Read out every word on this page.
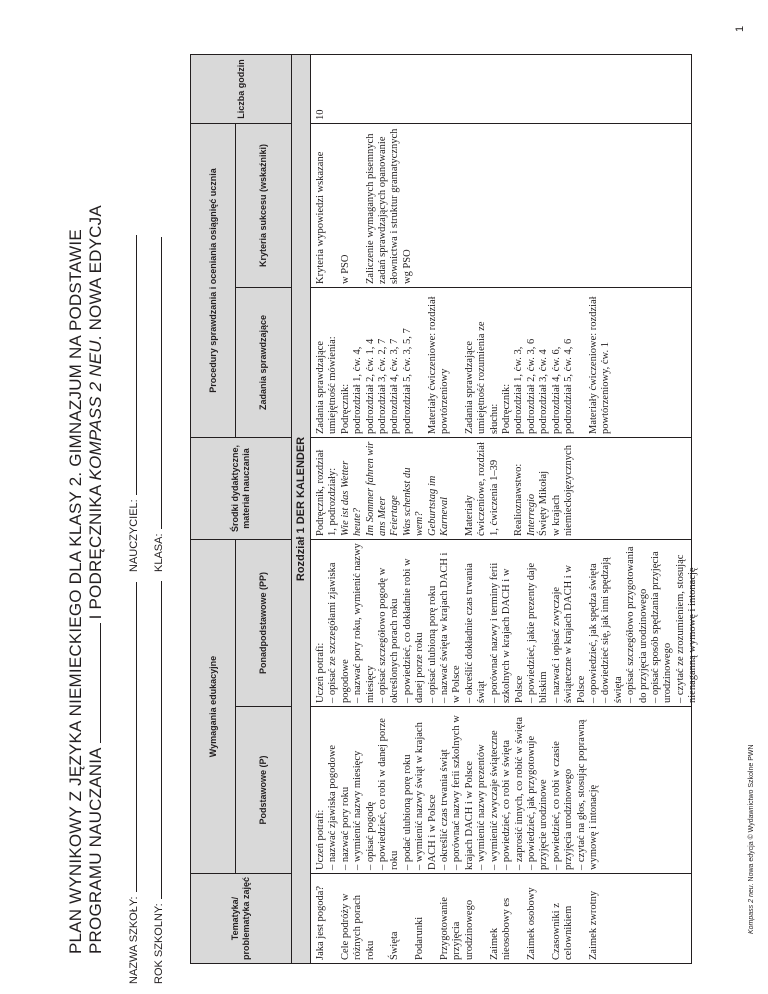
1
PLAN WYNIKOWY Z JĘZYKA NIEMIECKIEGO DLA KLASY 2. GIMNAZJUM NA PODSTAWIE PROGRAMU NAUCZANIAI PODRĘCZNIKA KOMPASS 2 NEU. NOWA EDYCJA
NAZWA SZKOŁY: ROK SZKOLNY:
NAUCZYCIEL: KLASA:
Tematyka/ problematyka zajęć
Wymagania edukacyjne
Podstawowe (P)
Ponadpodstawowe (PP)
Środki dydaktyczne, materiał nauczania
Procedury sprawdzania i oceniania osiągnięć ucznia	Zadania sprawdzające
Kryteria sukcesu (wskaźniki)
Liczba godzin
Rozdział 1 DER KALENDER

Jaka jest pogoda? Cele podróży w różnych porach roku Święta Podarunki Przygotowanie przyjęcia urodzinowego Zaimek nieosobowy es Zaimek osobowy Czasowniki z celownikiem Zaimek zwrotny

Uczeń potrafi: – nazwać zjawiska pogodowe – nazwać pory roku – wymienić nazwy miesięcy – opisać pogodę – powiedzieć, co robi w danej porze roku – podać ulubioną porę roku – wymienić nazwy świąt w krajach DACH i w Polsce – określić czas trwania świąt – porównać nazwy ferii szkolnych w krajach DACH i w Polsce – wymienić nazwy prezentów – wymienić zwyczaje świąteczne – powiedzieć, co robi w święta – zaprosić innych, co robić w święta – powiedzieć, jak przygotowuje przyjęcie urodzinowe – powiedzieć, co robi w czasie przyjęcia urodzinowego – czytać na głos, stosując poprawną wymowę i intonację

Uczeń potrafi: – opisać ze szczegółami zjawiska pogodowe – nazwać pory roku, wymienić nazwy miesięcy – opisać szczegółowo pogodę w określonych porach roku – powiedzieć, co dokładnie robi w danej porze roku – opisać ulubioną porę roku – nazwać święta w krajach DACH i w Polsce – określić dokładnie czas trwania świąt – porównać nazwy i terminy ferii szkolnych w krajach DACH i w Polsce – powiedzieć, jakie prezenty daje bliskim – nazwać i opisać zwyczaje świąteczne w krajach DACH i w Polsce – opowiedzieć, jak spędza święta – dowiedzieć się, jak inni spędzają święta – opisać szczegółowo przygotowania do przyjęcia urodzinowego – opisać sposób spędzania przyjęcia urodzinowego – czytać ze zrozumieniem, stosując nienaganną wymowę i intonację

Podręcznik, rozdział 1, podrozdziały: Wie ist das Wetter heute? Im Sommer fahren wir ans Meer Feiertage Was schenkst du wem? Geburtstag im Karneval Materiały ćwiczeniowe, rozdział 1, ćwiczenia 1–39 Realioznawstwo: Interregio Święty Mikołaj w krajach niemieckojęzycznych

Zadania sprawdzające umiejętność mówienia: Podręcznik: podrozdział 1, ćw. 4, podrozdział 2, ćw. 1, 4 podrozdział 3, ćw. 2, 7 podrozdział 4, ćw. 3, 7 podrozdział 5, ćw. 3, 5, 7 Materiały ćwiczeniowe: rozdział powtórzeniowy Zadania sprawdzające umiejętność rozumienia ze słuchu: Podręcznik: podrozdział 1, ćw. 3, podrozdział 2, ćw. 3, 6 podrozdział 3, ćw. 4 podrozdział 4, ćw. 6, podrozdział 5, ćw. 4, 6 Materiały ćwiczeniowe: rozdział powtórzeniowy, ćw. 1

Kryteria wypowiedzi wskazane w PSO Zaliczenie wymaganych pisemnych zadań sprawdzających opanowanie słownictwa i struktur gramatycznych wg PSO

10

Kompass 2 neu. Nowa edycja © Wydawnictwo Szkolne PWN
